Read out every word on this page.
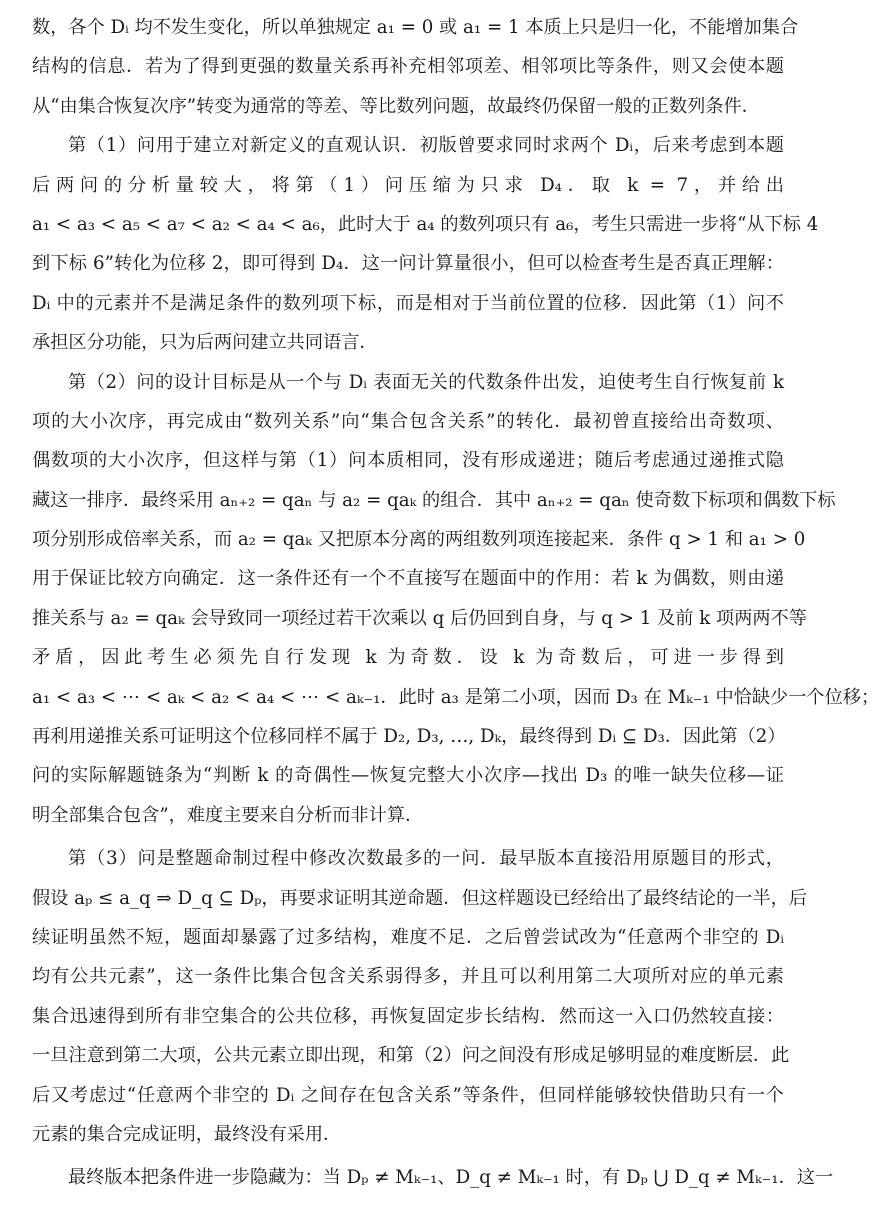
数，各个 Dᵢ 均不发生变化，所以单独规定 a₁ = 0 或 a₁ = 1 本质上只是归一化，不能增加集合
结构的信息．若为了得到更强的数量关系再补充相邻项差、相邻项比等条件，则又会使本题
从“由集合恢复次序”转变为通常的等差、等比数列问题，故最终仍保留一般的正数列条件．
第（1）问用于建立对新定义的直观认识．初版曾要求同时求两个 Dᵢ，后来考虑到本题
后两问的分析量较大，将第（1）问压缩为只求 D₄．取 k = 7，并给出
a₁ < a₃ < a₅ < a₇ < a₂ < a₄ < a₆，此时大于 a₄ 的数列项只有 a₆，考生只需进一步将“从下标 4
到下标 6”转化为位移 2，即可得到 D₄．这一问计算量很小，但可以检查考生是否真正理解：
Dᵢ 中的元素并不是满足条件的数列项下标，而是相对于当前位置的位移．因此第（1）问不
承担区分功能，只为后两问建立共同语言．
第（2）问的设计目标是从一个与 Dᵢ 表面无关的代数条件出发，迫使考生自行恢复前 k
项的大小次序，再完成由“数列关系”向“集合包含关系”的转化．最初曾直接给出奇数项、
偶数项的大小次序，但这样与第（1）问本质相同，没有形成递进；随后考虑通过递推式隐
藏这一排序．最终采用 aₙ₊₂ = qaₙ 与 a₂ = qaₖ 的组合．其中 aₙ₊₂ = qaₙ 使奇数下标项和偶数下标
项分别形成倍率关系，而 a₂ = qaₖ 又把原本分离的两组数列项连接起来．条件 q > 1 和 a₁ > 0
用于保证比较方向确定．这一条件还有一个不直接写在题面中的作用：若 k 为偶数，则由递
推关系与 a₂ = qaₖ 会导致同一项经过若干次乘以 q 后仍回到自身，与 q > 1 及前 k 项两两不等
矛盾，因此考生必须先自行发现 k 为奇数．设 k 为奇数后，可进一步得到
a₁ < a₃ < ⋯ < aₖ < a₂ < a₄ < ⋯ < aₖ₋₁．此时 a₃ 是第二小项，因而 D₃ 在 Mₖ₋₁ 中恰缺少一个位移；
再利用递推关系可证明这个位移同样不属于 D₂, D₃, …, Dₖ，最终得到 Dᵢ ⊆ D₃．因此第（2）
问的实际解题链条为“判断 k 的奇偶性—恢复完整大小次序—找出 D₃ 的唯一缺失位移—证
明全部集合包含”，难度主要来自分析而非计算．
第（3）问是整题命制过程中修改次数最多的一问．最早版本直接沿用原题目的形式，
假设 aₚ ≤ a_q ⇒ D_q ⊆ Dₚ，再要求证明其逆命题．但这样题设已经给出了最终结论的一半，后
续证明虽然不短，题面却暴露了过多结构，难度不足．之后曾尝试改为“任意两个非空的 Dᵢ
均有公共元素”，这一条件比集合包含关系弱得多，并且可以利用第二大项所对应的单元素
集合迅速得到所有非空集合的公共位移，再恢复固定步长结构．然而这一入口仍然较直接：
一旦注意到第二大项，公共元素立即出现，和第（2）问之间没有形成足够明显的难度断层．此
后又考虑过“任意两个非空的 Dᵢ 之间存在包含关系”等条件，但同样能够较快借助只有一个
元素的集合完成证明，最终没有采用．
最终版本把条件进一步隐藏为：当 Dₚ ≠ Mₖ₋₁、D_q ≠ Mₖ₋₁ 时，有 Dₚ ⋃ D_q ≠ Mₖ₋₁．这一
